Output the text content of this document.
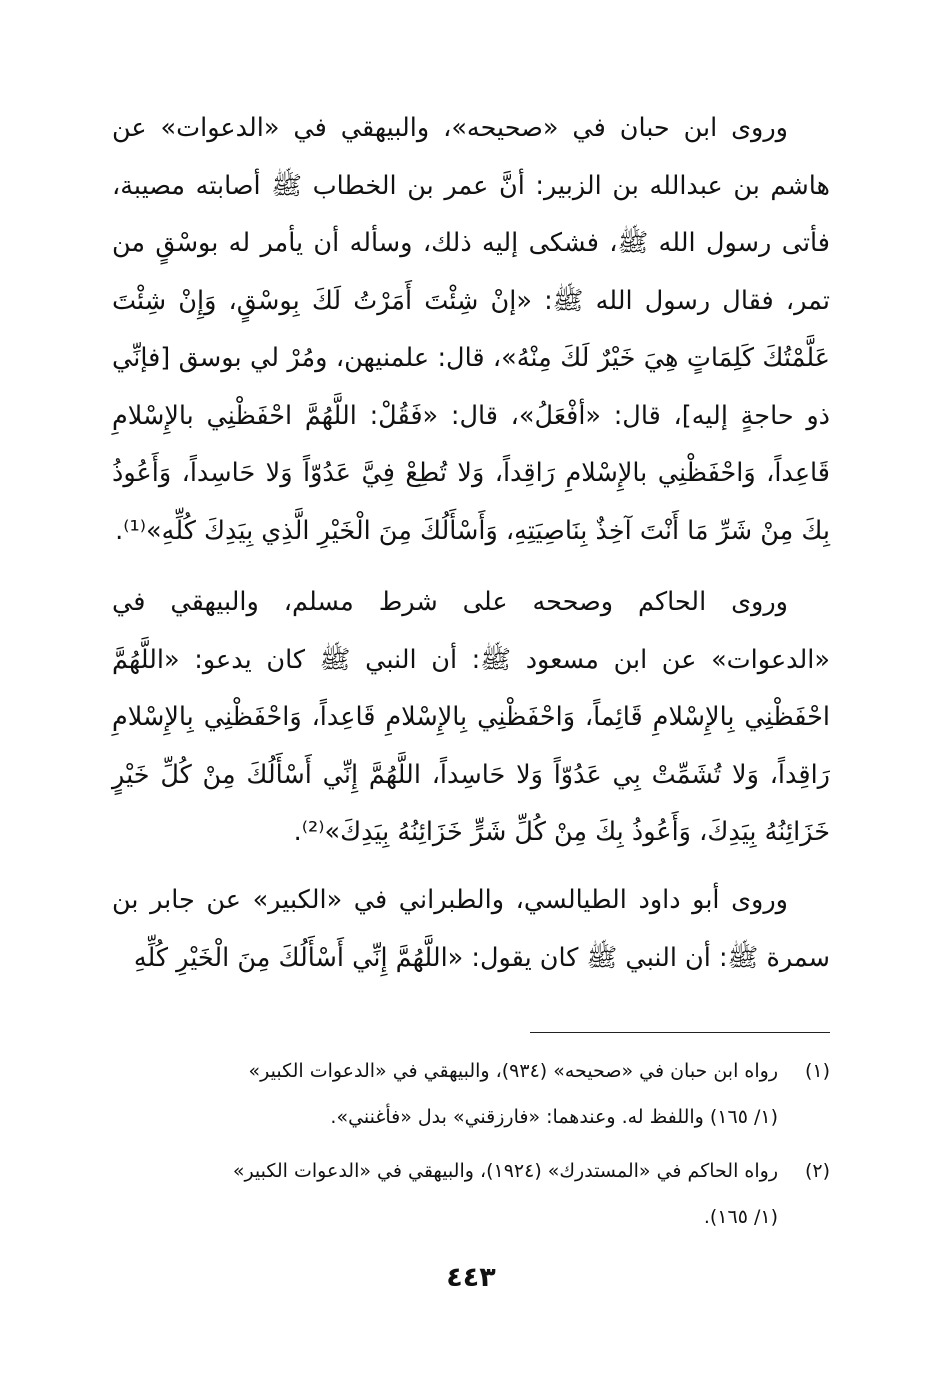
وروى ابن حبان في «صحيحه»، والبيهقي في «الدعوات» عن هاشم بن عبدالله بن الزبير: أنَّ عمر بن الخطاب ﷺ أصابته مصيبة، فأتى رسول الله ﷺ، فشكى إليه ذلك، وسأله أن يأمر له بوسْقٍ من تمر، فقال رسول الله ﷺ: «إنْ شِئْتَ أَمَرْتُ لَكَ بِوسْقٍ، وَإِنْ شِئْتَ عَلَّمْتُكَ كَلِمَاتٍ هِيَ خَيْرٌ لَكَ مِنْهُ»، قال: علمنيهن، ومُرْ لي بوسق [فإنِّي ذو حاجةٍ إليه]، قال: «أفْعَلُ»، قال: «فَقُلْ: اللَّهُمَّ احْفَظْنِي بالإِسْلامِ قَاعِداً، وَاحْفَظْنِي بالإِسْلامِ رَاقِداً، وَلا تُطِعْ فِيَّ عَدُوّاً وَلا حَاسِداً، وَأَعُوذُ بِكَ مِنْ شَرِّ مَا أَنْتَ آخِذٌ بِنَاصِيَتِهِ، وَأَسْأَلُكَ مِنَ الْخَيْرِ الَّذِي بِيَدِكَ كُلِّهِ»⁽¹⁾.

وروى الحاكم وصححه على شرط مسلم، والبيهقي في «الدعوات» عن ابن مسعود ﷺ: أن النبي ﷺ كان يدعو: «اللَّهُمَّ احْفَظْنِي بِالإِسْلامِ قَائِماً، وَاحْفَظْنِي بِالإِسْلامِ قَاعِداً، وَاحْفَظْنِي بِالإِسْلامِ رَاقِداً، وَلا تُشَمِّتْ بِي عَدُوّاً وَلا حَاسِداً، اللَّهُمَّ إِنِّي أَسْأَلُكَ مِنْ كُلِّ خَيْرٍ خَزَائِنُهُ بِيَدِكَ، وَأَعُوذُ بِكَ مِنْ كُلِّ شَرٍّ خَزَائِنُهُ بِيَدِكَ»⁽²⁾.

وروى أبو داود الطيالسي، والطبراني في «الكبير» عن جابر بن سمرة ﷺ: أن النبي ﷺ كان يقول: «اللَّهُمَّ إِنِّي أَسْأَلُكَ مِنَ الْخَيْرِ كُلِّهِ

(١)رواه ابن حبان في «صحيحه» (٩٣٤)، والبيهقي في «الدعوات الكبير»
(١/ ١٦٥) واللفظ له. وعندهما: «فارزقني» بدل «فأغنني».
(٢)رواه الحاكم في «المستدرك» (١٩٢٤)، والبيهقي في «الدعوات الكبير»
(١/ ١٦٥).
٤٤٣
